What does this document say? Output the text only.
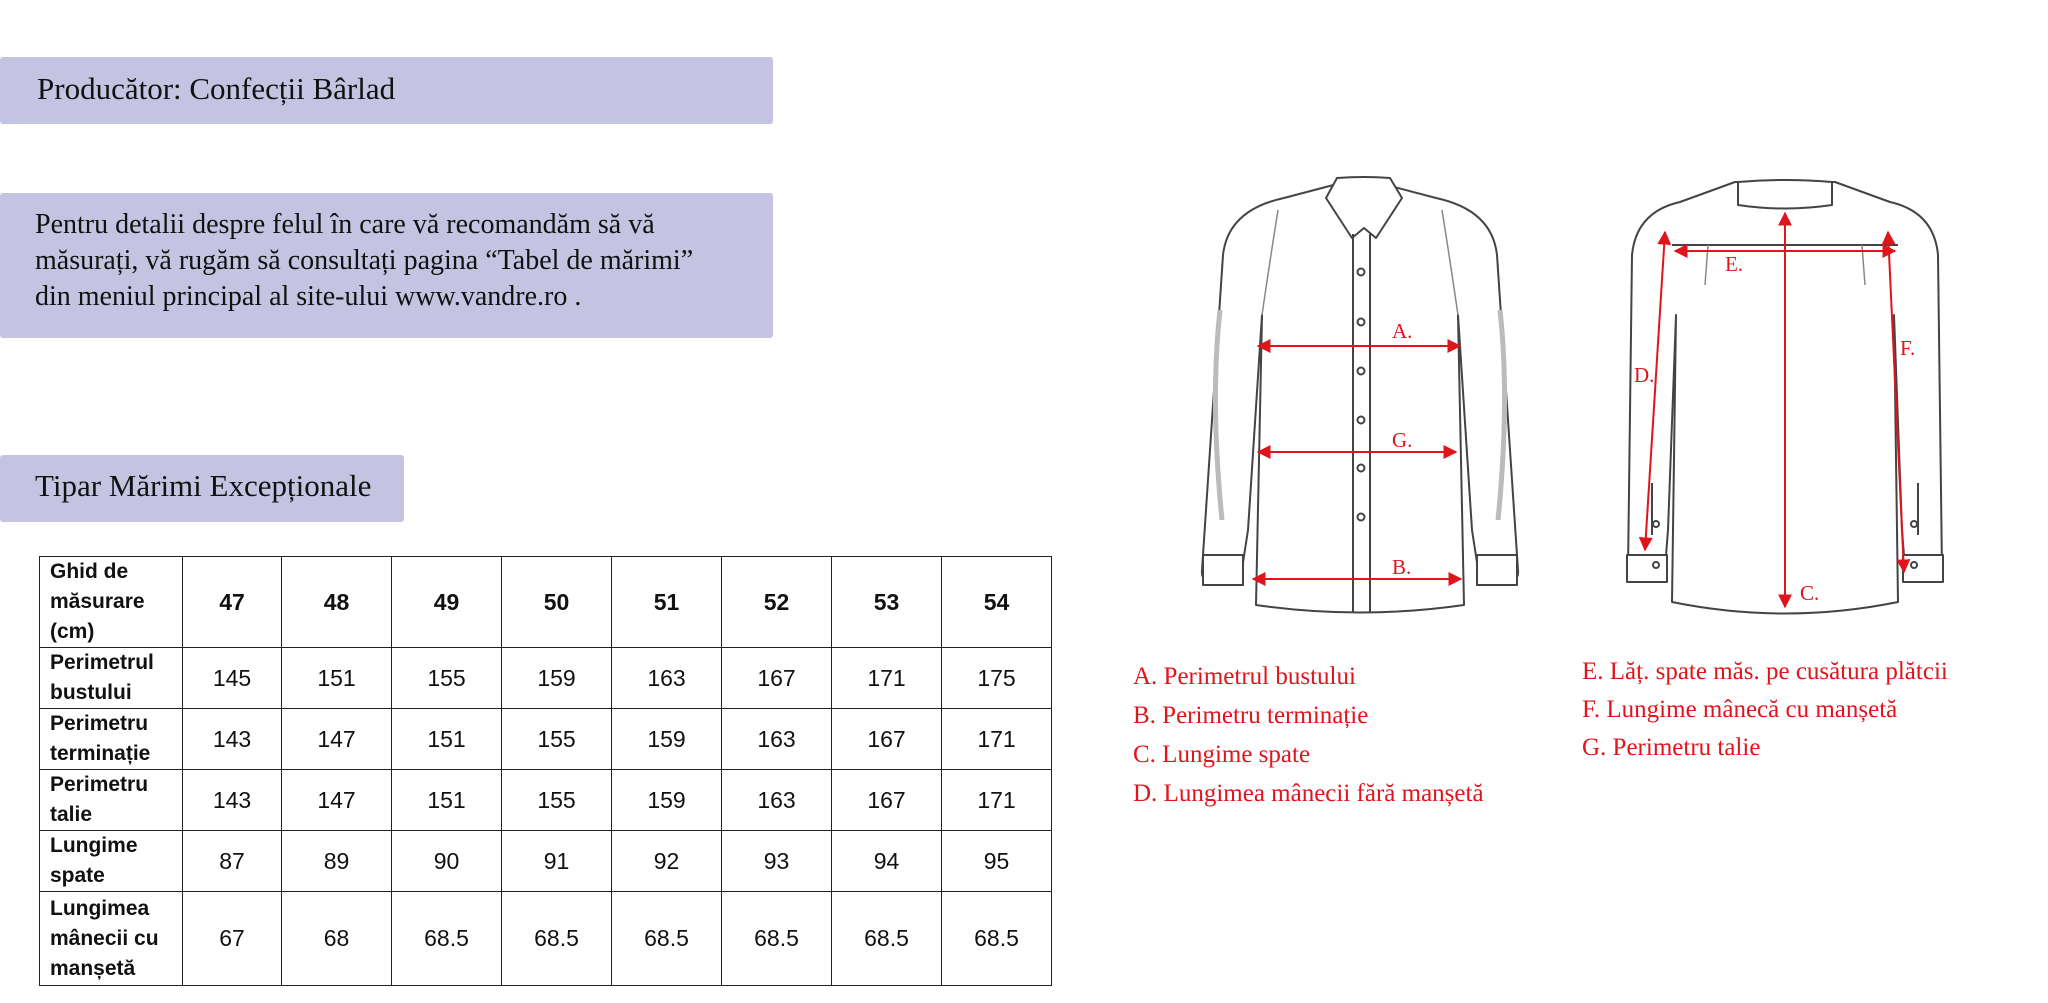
Producător: Confecții Bârlad
Pentru detalii despre felul în care vă recomandăm să vă
măsurați, vă rugăm să consultați pagina “Tabel de mărimi”
din meniul principal al site-ului www.vandre.ro .
Tipar Mărimi Excepționale
Ghid de
măsurare
(cm)	47	48	49	50	51	52	53	54

Perimetrul
bustului	145	151	155	159	163	167	171	175

Perimetru
terminație	143	147	151	155	159	163	167	171

Perimetru
talie	143	147	151	155	159	163	167	171

Lungime
spate	87	89	90	91	92	93	94	95

Lungimea
mânecii cu
manșetă	67	68	68.5	68.5	68.5	68.5	68.5	68.5
A.
G.
B.
E.
D.
F.
C.
A. Perimetrul bustului
B. Perimetru terminație
C. Lungime spate
D. Lungimea mânecii fără manșetă
E. Lăț. spate măs. pe cusătura plătcii
F. Lungime mânecă cu manșetă
G. Perimetru talie
